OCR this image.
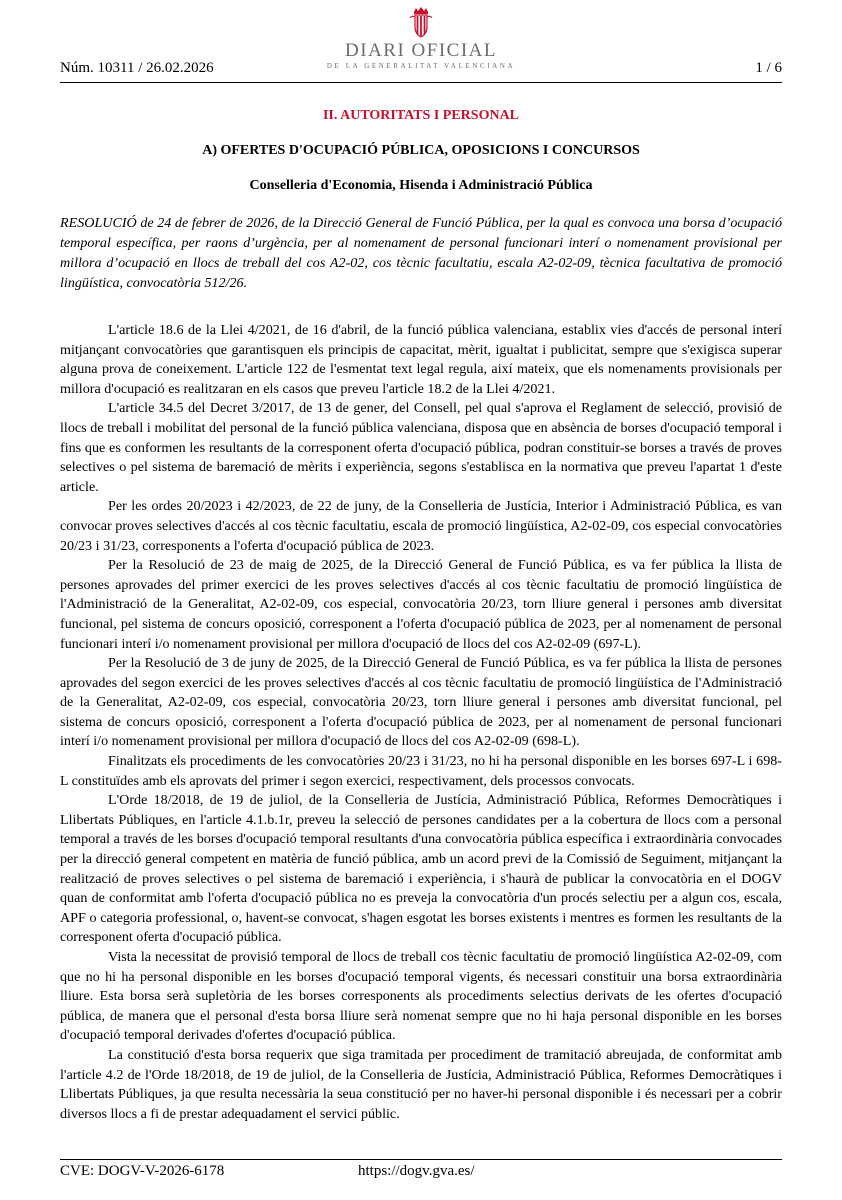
Núm. 10311 / 26.02.2026
DIARI OFICIAL
DE LA GENERALITAT VALENCIANA	1 / 6
II. AUTORITATS I PERSONAL
A) OFERTES D'OCUPACIÓ PÚBLICA, OPOSICIONS I CONCURSOS
Conselleria d'Economia, Hisenda i Administració Pública

RESOLUCIÓ de 24 de febrer de 2026, de la Direcció General de Funció Pública, per la qual es convoca una borsa d’ocupació temporal específica, per raons d’urgència, per al nomenament de personal funcionari interí o nomenament provisional per millora d’ocupació en llocs de treball del cos A2-02, cos tècnic facultatiu, escala A2-02-09, tècnica facultativa de promoció lingüística, convocatòria 512/26.

L'article 18.6 de la Llei 4/2021, de 16 d'abril, de la funció pública valenciana, establix vies d'accés de personal interí mitjançant convocatòries que garantisquen els principis de capacitat, mèrit, igualtat i publicitat, sempre que s'exigisca superar alguna prova de coneixement. L'article 122 de l'esmentat text legal regula, així mateix, que els nomenaments provisionals per millora d'ocupació es realitzaran en els casos que preveu l'article 18.2 de la Llei 4/2021.

L'article 34.5 del Decret 3/2017, de 13 de gener, del Consell, pel qual s'aprova el Reglament de selecció, provisió de llocs de treball i mobilitat del personal de la funció pública valenciana, disposa que en absència de borses d'ocupació temporal i fins que es conformen les resultants de la corresponent oferta d'ocupació pública, podran constituir-se borses a través de proves selectives o pel sistema de baremació de mèrits i experiència, segons s'establisca en la normativa que preveu l'apartat 1 d'este article.

Per les ordes 20/2023 i 42/2023, de 22 de juny, de la Conselleria de Justícia, Interior i Administració Pública, es van convocar proves selectives d'accés al cos tècnic facultatiu, escala de promoció lingüística, A2-02-09, cos especial convocatòries 20/23 i 31/23, corresponents a l'oferta d'ocupació pública de 2023.

Per la Resolució de 23 de maig de 2025, de la Direcció General de Funció Pública, es va fer pública la llista de persones aprovades del primer exercici de les proves selectives d'accés al cos tècnic facultatiu de promoció lingüística de l'Administració de la Generalitat, A2-02-09, cos especial, convocatòria 20/23, torn lliure general i persones amb diversitat funcional, pel sistema de concurs oposició, corresponent a l'oferta d'ocupació pública de 2023, per al nomenament de personal funcionari interí i/o nomenament provisional per millora d'ocupació de llocs del cos A2-02-09 (697-L).

Per la Resolució de 3 de juny de 2025, de la Direcció General de Funció Pública, es va fer pública la llista de persones aprovades del segon exercici de les proves selectives d'accés al cos tècnic facultatiu de promoció lingüística de l'Administració de la Generalitat, A2-02-09, cos especial, convocatòria 20/23, torn lliure general i persones amb diversitat funcional, pel sistema de concurs oposició, corresponent a l'oferta d'ocupació pública de 2023, per al nomenament de personal funcionari interí i/o nomenament provisional per millora d'ocupació de llocs del cos A2-02-09 (698-L).

Finalitzats els procediments de les convocatòries 20/23 i 31/23, no hi ha personal disponible en les borses 697-L i 698-L constituïdes amb els aprovats del primer i segon exercici, respectivament, dels processos convocats.

L'Orde 18/2018, de 19 de juliol, de la Conselleria de Justícia, Administració Pública, Reformes Democràtiques i Llibertats Públiques, en l'article 4.1.b.1r, preveu la selecció de persones candidates per a la cobertura de llocs com a personal temporal a través de les borses d'ocupació temporal resultants d'una convocatòria pública específica i extraordinària convocades per la direcció general competent en matèria de funció pública, amb un acord previ de la Comissió de Seguiment, mitjançant la realització de proves selectives o pel sistema de baremació i experiència, i s'haurà de publicar la convocatòria en el DOGV quan de conformitat amb l'oferta d'ocupació pública no es preveja la convocatòria d'un procés selectiu per a algun cos, escala, APF o categoria professional, o, havent-se convocat, s'hagen esgotat les borses existents i mentres es formen les resultants de la corresponent oferta d'ocupació pública.

Vista la necessitat de provisió temporal de llocs de treball cos tècnic facultatiu de promoció lingüística A2-02-09, com que no hi ha personal disponible en les borses d'ocupació temporal vigents, és necessari constituir una borsa extraordinària lliure. Esta borsa serà supletòria de les borses corresponents als procediments selectius derivats de les ofertes d'ocupació pública, de manera que el personal d'esta borsa lliure serà nomenat sempre que no hi haja personal disponible en les borses d'ocupació temporal derivades d'ofertes d'ocupació pública.

La constitució d'esta borsa requerix que siga tramitada per procediment de tramitació abreujada, de conformitat amb l'article 4.2 de l'Orde 18/2018, de 19 de juliol, de la Conselleria de Justícia, Administració Pública, Reformes Democràtiques i Llibertats Públiques, ja que resulta necessària la seua constitució per no haver-hi personal disponible i és necessari per a cobrir diversos llocs a fi de prestar adequadament el servici públic.

CVE: DOGV-V-2026-6178	https://dogv.gva.es/
